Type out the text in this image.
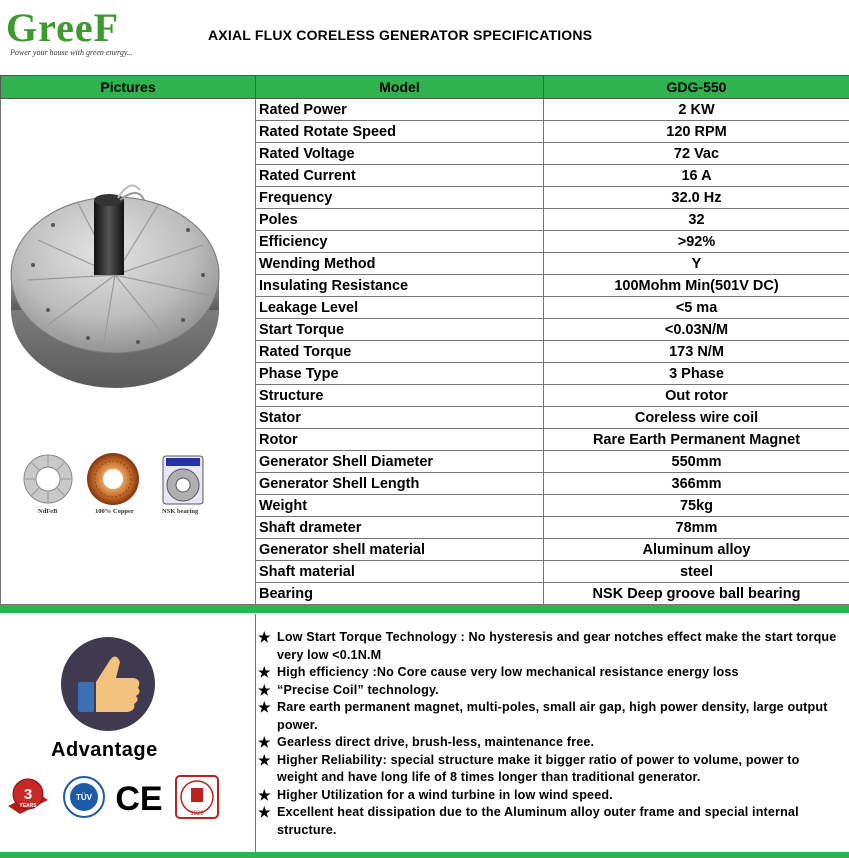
GreeF
Power your house with green energy...
AXIAL FLUX CORELESS GENERATOR SPECIFICATIONS
Pictures	Model	GDG-550
	Rated Power	2 KW
	Rated Rotate Speed	120 RPM
	Rated Voltage	72 Vac
	Rated Current	16 A
	Frequency	32.0 Hz
	Poles	32
	Efficiency	>92%
	Wending Method	Y
	Insulating Resistance	100Mohm Min(501V DC)
	Leakage Level	<5 ma
	Start Torque	<0.03N/M
	Rated Torque	173 N/M
	Phase Type	3 Phase
	Structure	Out rotor
	Stator	Coreless wire coil
	Rotor	Rare Earth Permanent Magnet
	Generator Shell Diameter	550mm
	Generator Shell Length	366mm
	Weight	75kg
	Shaft drameter	78mm
	Generator shell material	Aluminum alloy
	Shaft material	steel
	Bearing	NSK Deep groove ball bearing
NdFeB	100% Copper	NSK bearing
Advantage
3
YEARS
TÜV CE	1828
★ Low Start Torque Technology : No hysteresis and gear notches effect make the start torque very low <0.1N.M
★ High efficiency :No Core cause very low mechanical resistance energy loss
★ “Precise Coil” technology.
★ Rare earth permanent magnet, multi-poles, small air gap, high power density, large output power.
★ Gearless direct drive, brush-less, maintenance free.
★ Higher Reliability: special structure make it bigger ratio of power to volume, power to weight and have long life of 8 times longer than traditional generator.
★ Higher Utilization for a wind turbine in low wind speed.
★ Excellent heat dissipation due to the Aluminum alloy outer frame and special internal structure.
